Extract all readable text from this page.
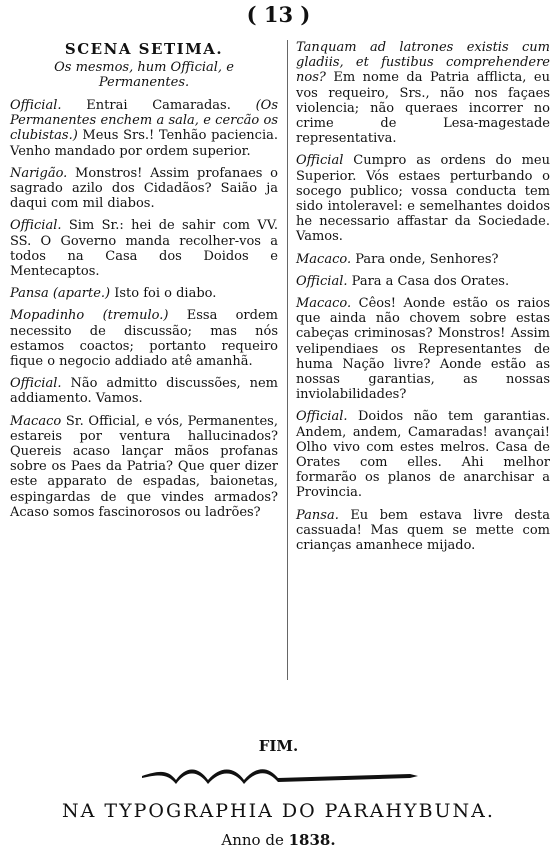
( 13 )
SCENA SETIMA.
Os mesmos, hum Official, e Permanentes.

Official. Entrai Camaradas. (Os Permanentes enchem a sala, e cercão os clubistas.) Meus Srs.! Tenhão paciencia. Venho mandado por ordem superior.

Narigão. Monstros! Assim profanaes o sagrado azilo dos Cidadãos? Saião ja daqui com mil diabos.

Official. Sim Sr.: hei de sahir com VV. SS. O Governo manda recolher-vos a todos na Casa dos Doidos e Mentecaptos.

Pansa (aparte.) Isto foi o diabo.

Mopadinho (tremulo.) Essa ordem necessito de discussão; mas nós estamos coactos; portanto requeiro fique o negocio addiado atê amanhã.

Official. Não admitto discussões, nem addiamento. Vamos.

Macaco Sr. Official, e vós, Permanentes, estareis por ventura hallucinados? Quereis acaso lançar mãos profanas sobre os Paes da Patria? Que quer dizer este apparato de espadas, baionetas, espingardas de que vindes armados? Acaso somos fascinorosos ou ladrões?

Tanquam ad latrones existis cum gladiis, et fustibus comprehendere nos? Em nome da Patria afflicta, eu vos requeiro, Srs., não nos façaes violencia; não queraes incorrer no crime de Lesa-magestade representativa.

Official Cumpro as ordens do meu Superior. Vós estaes perturbando o socego publico; vossa conducta tem sido intoleravel: e semelhantes doidos he necessario affastar da Sociedade. Vamos.

Macaco. Para onde, Senhores?

Official. Para a Casa dos Orates.

Macaco. Cêos! Aonde estão os raios que ainda não chovem sobre estas cabeças criminosas? Monstros! Assim velipendiaes os Representantes de huma Nação livre? Aonde estão as nossas garantias, as nossas inviolabilidades?

Official. Doidos não tem garantias. Andem, andem, Camaradas! avançai! Olho vivo com estes melros. Casa de Orates com elles. Ahi melhor formarão os planos de anarchisar a Provincia.

Pansa. Eu bem estava livre desta cassuada! Mas quem se mette com crianças amanhece mijado.

FIM.
NA TYPOGRAPHIA DO PARAHYBUNA.
Anno de 1838.
